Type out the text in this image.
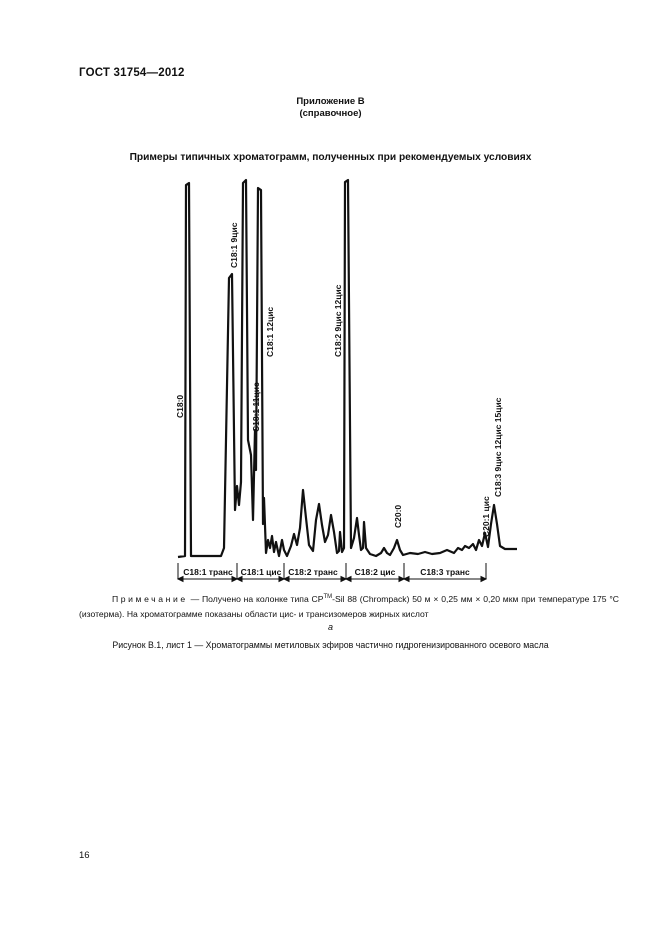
ГОСТ 31754—2012
Приложение В
(справочное)
Примеры типичных хроматограмм, полученных при рекомендуемых условиях
C18:0
C18:1 9цис
C18:1 11цис
C18:1 12цис	C18:2 9цис 12цис
C20:0	C20:1 цис
C18:3 9цис 12цис 15цис
C18:1 транс C18:1 цис C18:2 транс C18:2 цис	C18:3 транс
Примечание — Получено на колонке типа CP™-Sil 88 (Chrompack) 50 м × 0,25 мм × 0,20 мкм при температуре 175 °С (изотерма). На хроматограмме показаны области цис- и трансизомеров жирных кислот
а
Рисунок В.1, лист 1 — Хроматограммы метиловых эфиров частично гидрогенизированного осевого масла
16
